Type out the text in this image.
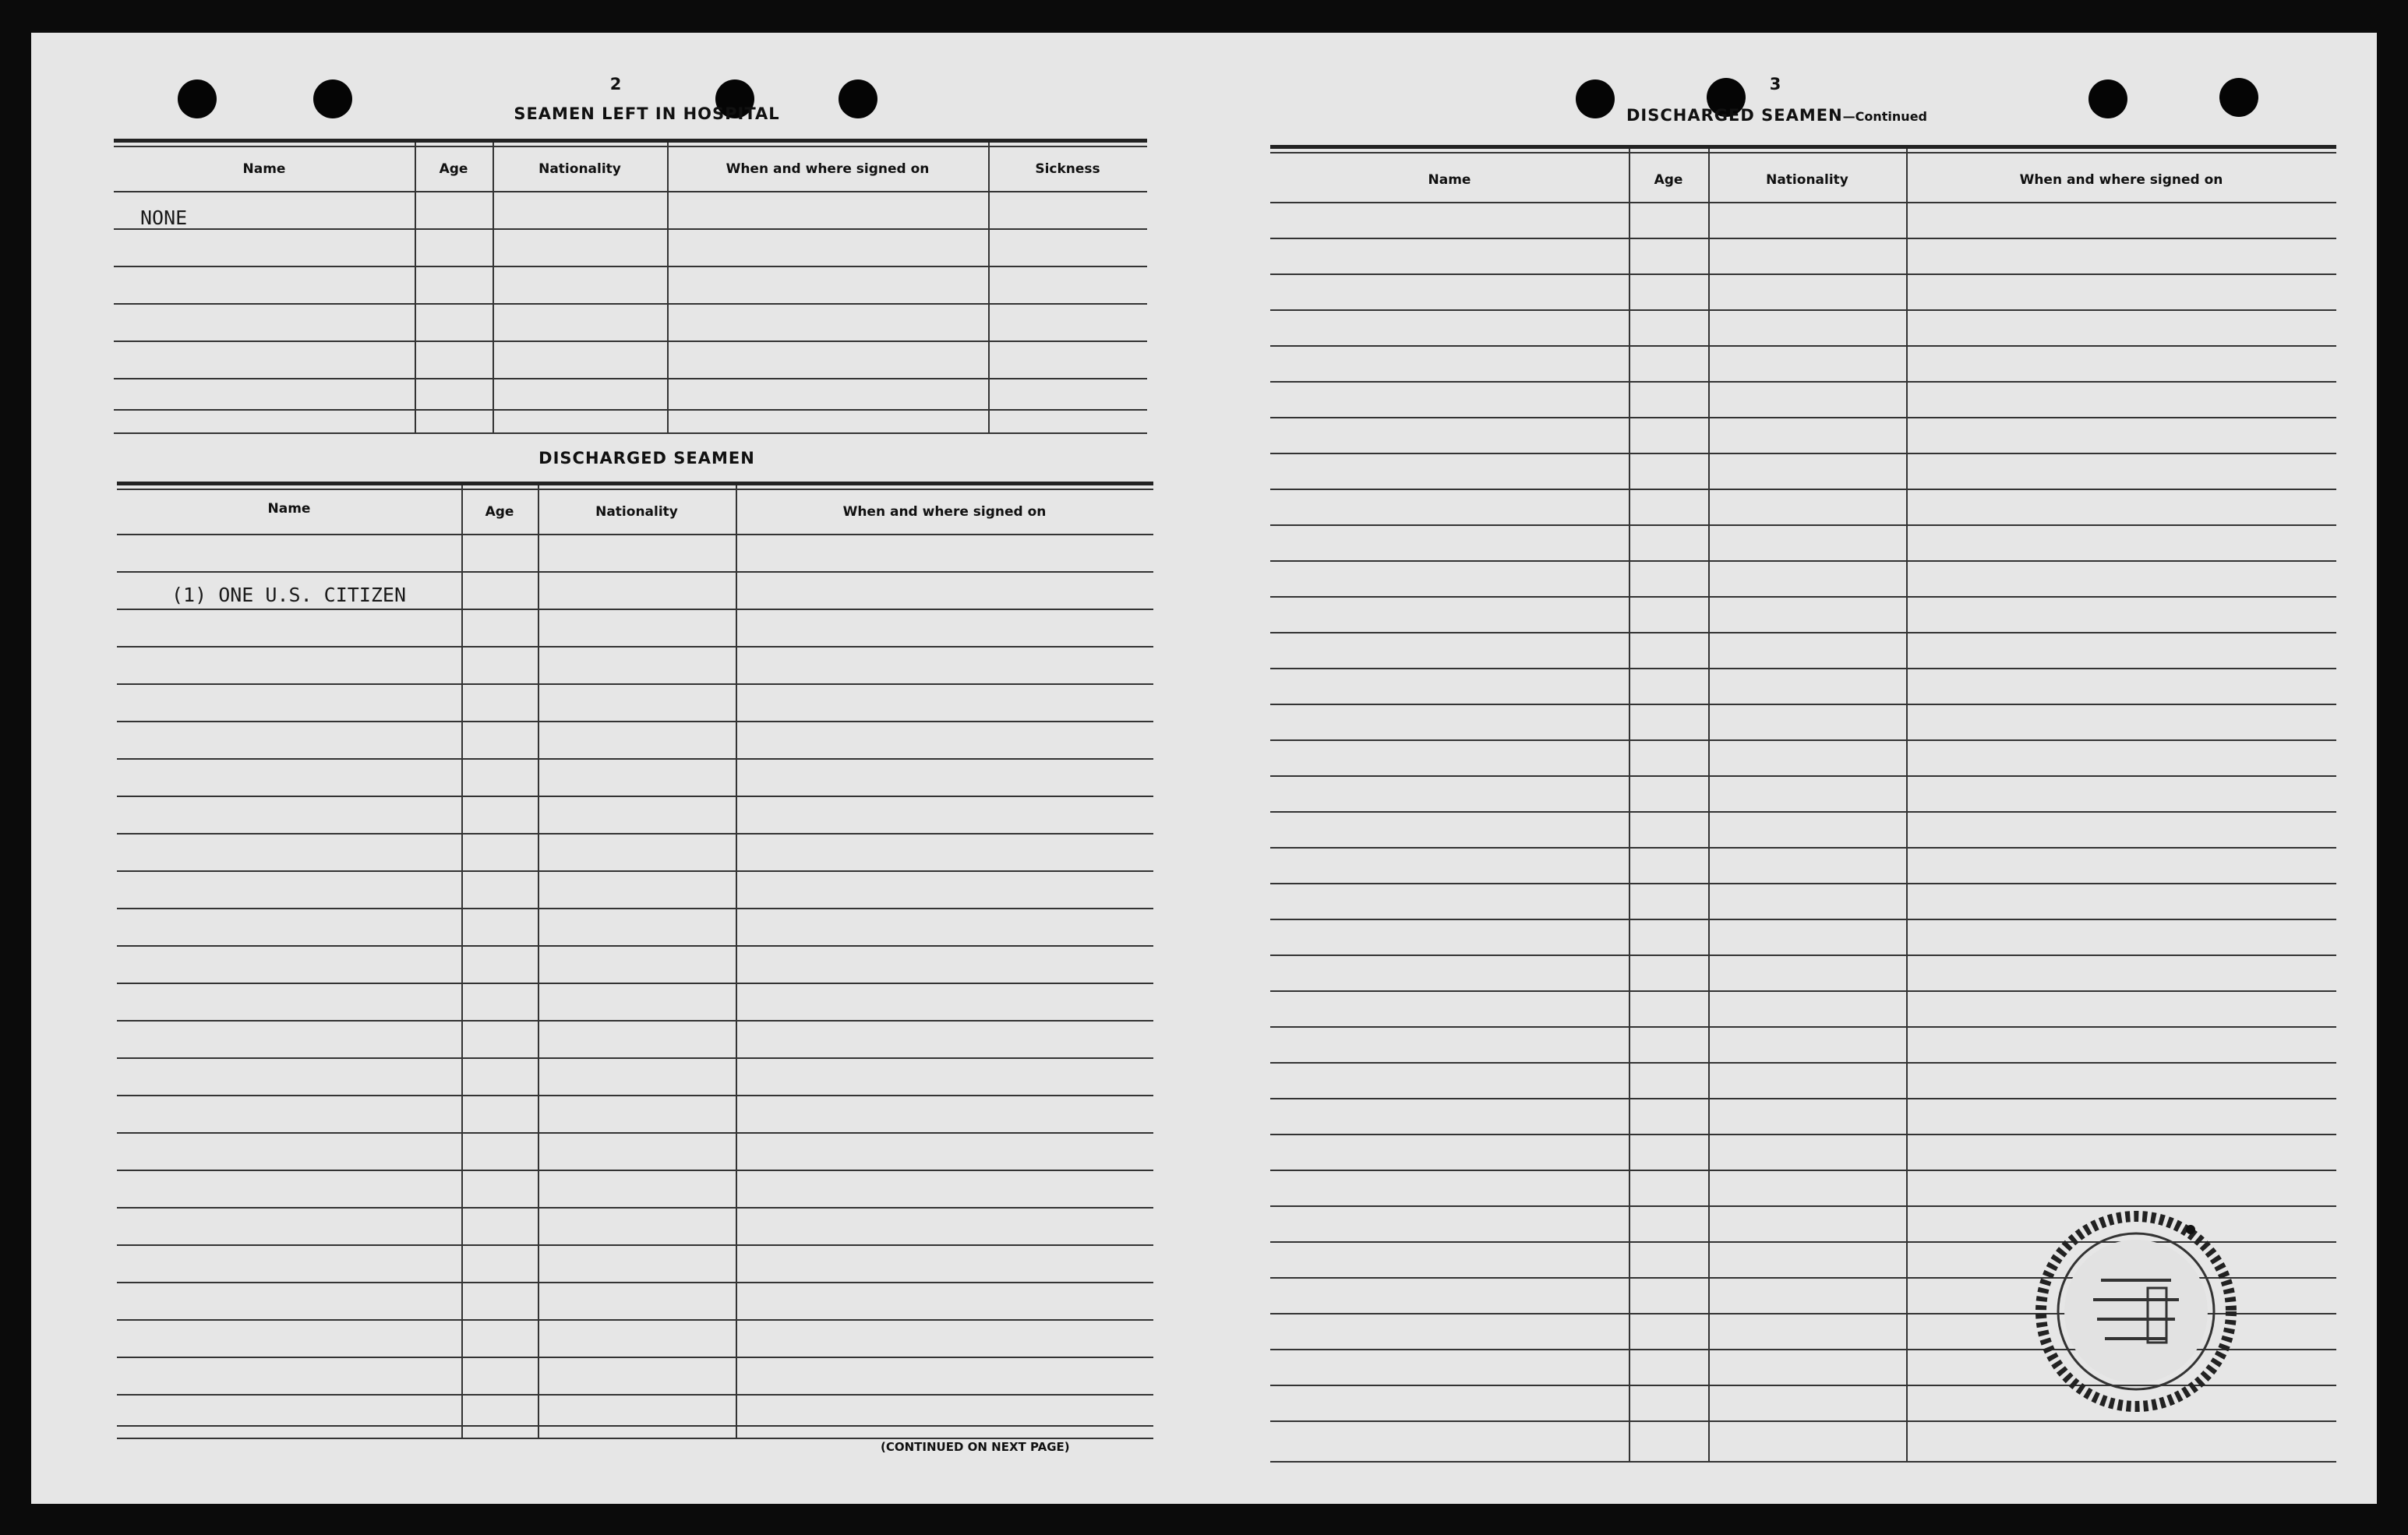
2
SEAMEN LEFT IN HOSPITAL
Name	Age	Nationality	When and where signed on	Sickness
NONE
DISCHARGED SEAMEN
Name	Age	Nationality	When and where signed on
(1) ONE U.S. CITIZEN
(CONTINUED ON NEXT PAGE)
3
DISCHARGED SEAMEN—Continued
Name	Age	Nationality	When and where signed on
